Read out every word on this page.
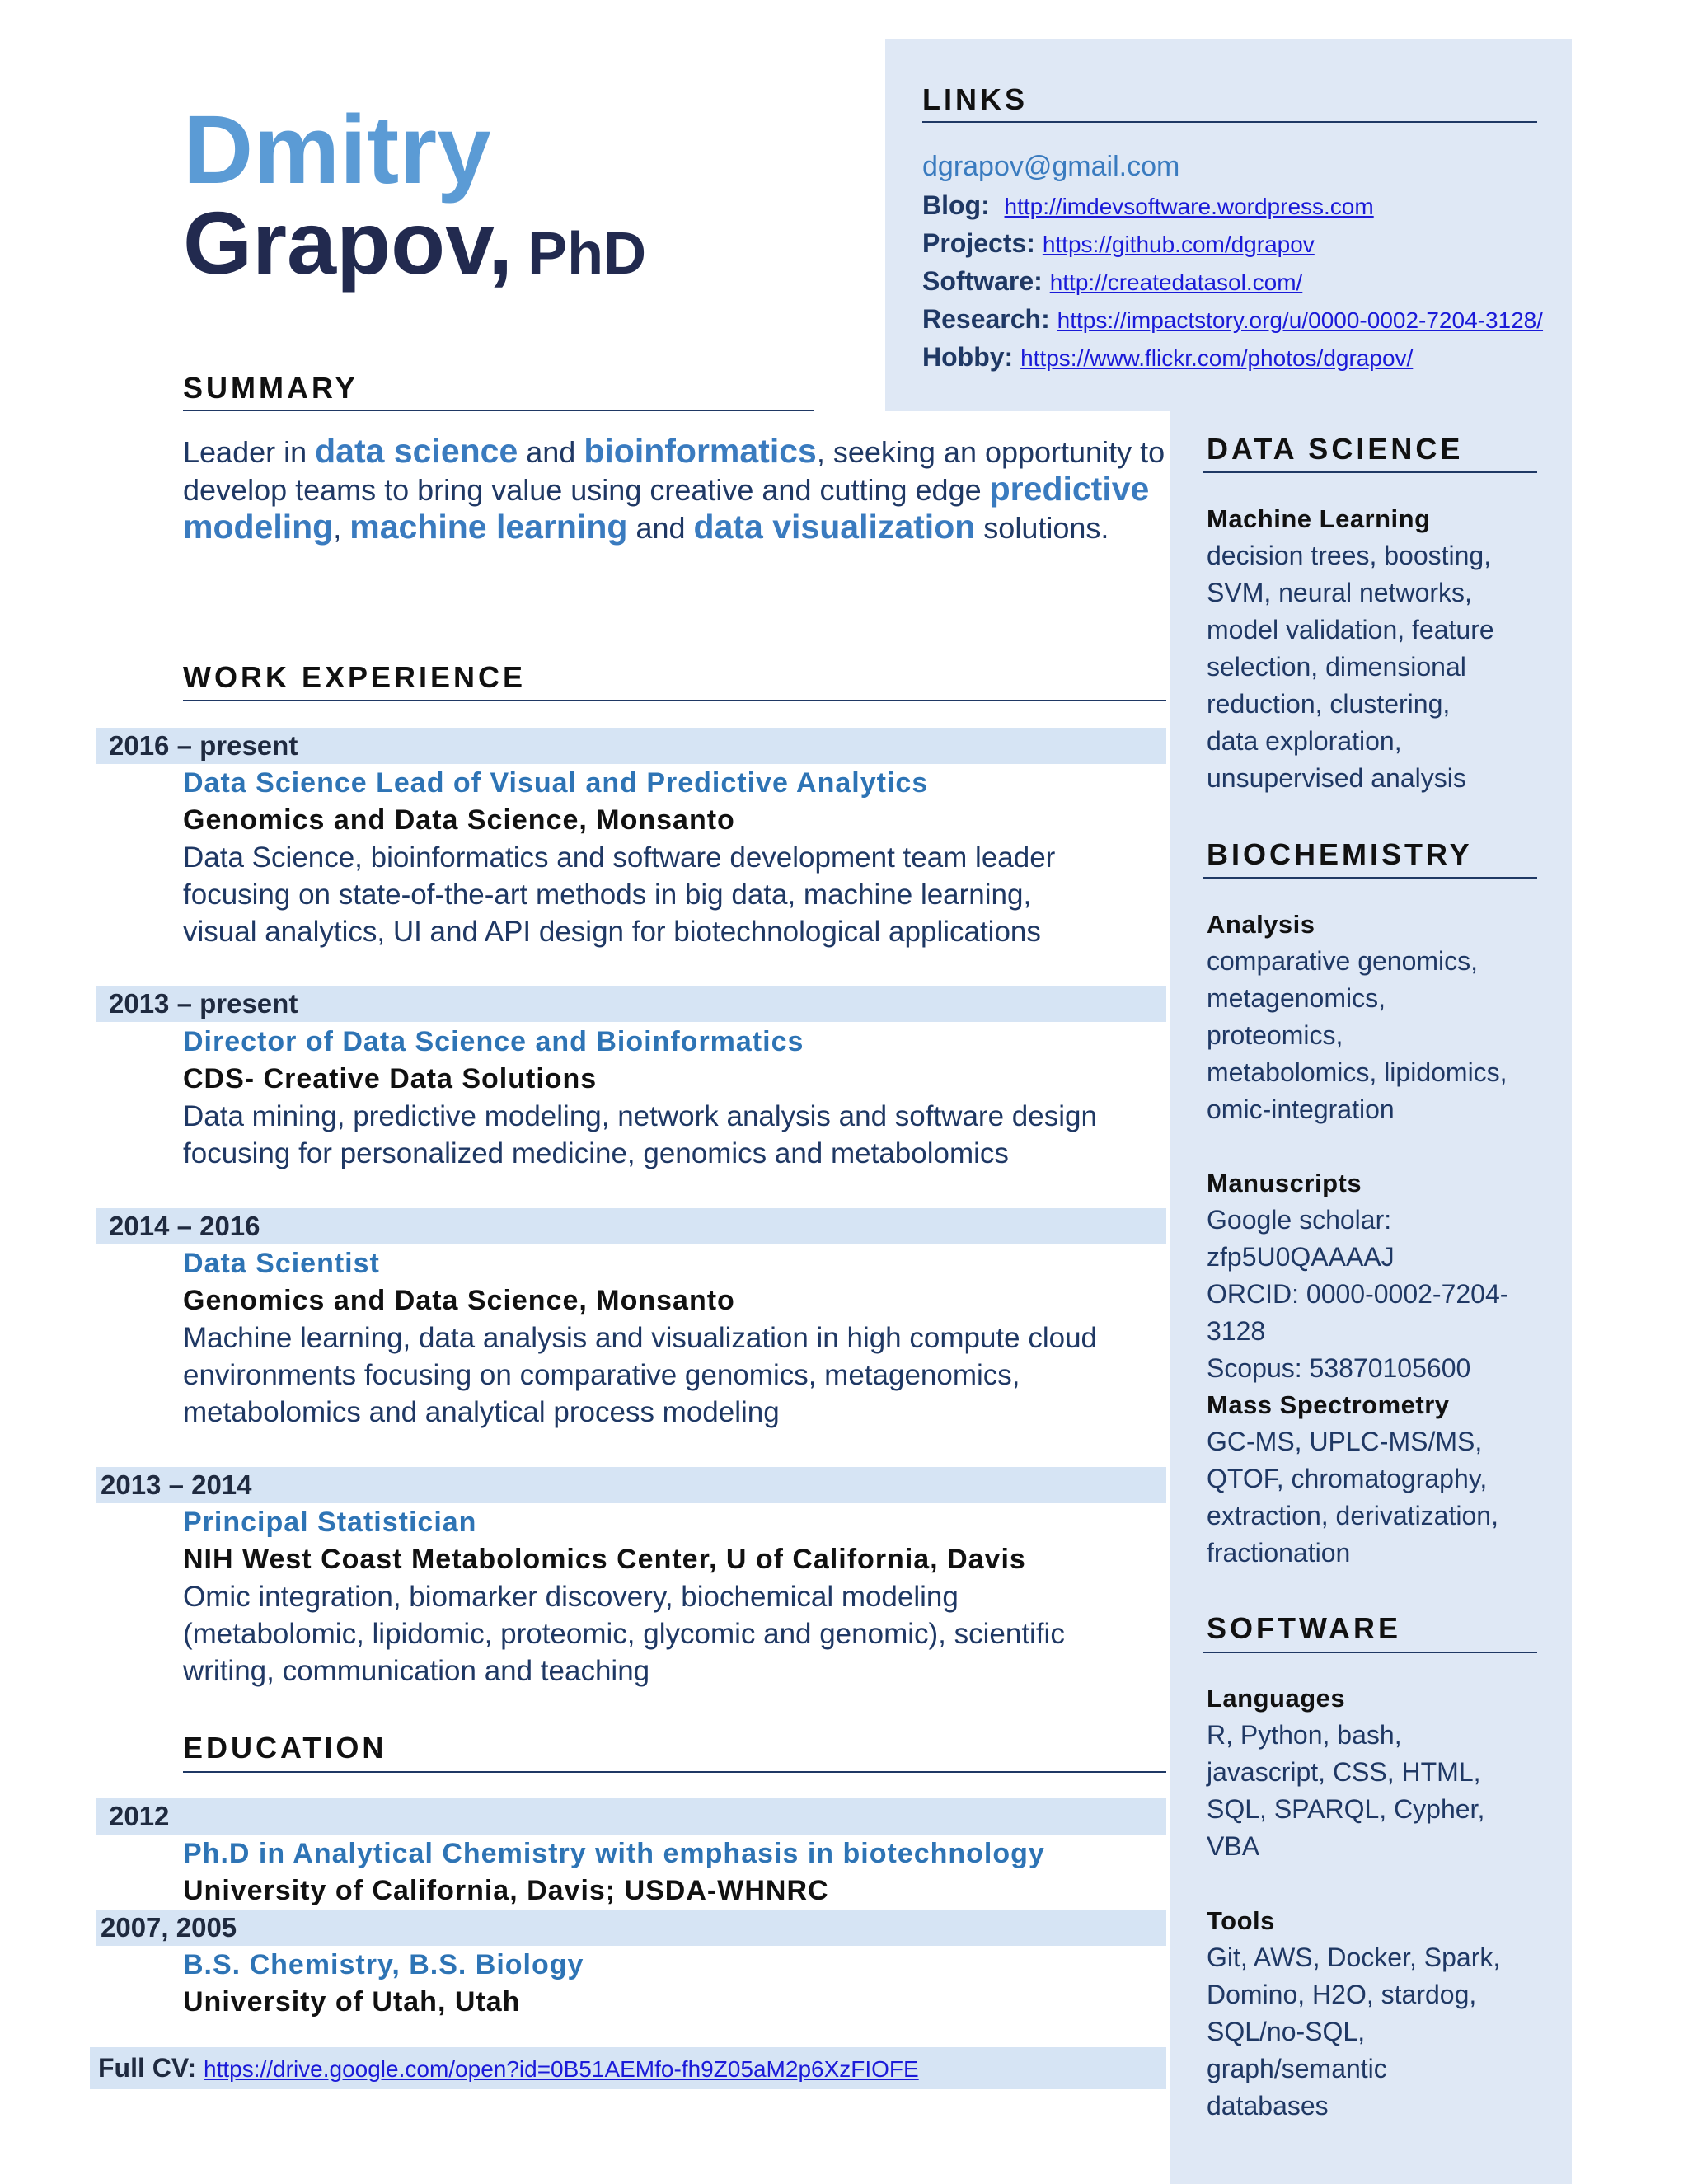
Dmitry
Grapov, PhD
LINKS
dgrapov@gmail.com
Blog: http://imdevsoftware.wordpress.com
Projects: https://github.com/dgrapov
Software: http://createdatasol.com/
Research: https://impactstory.org/u/0000-0002-7204-3128/
Hobby: https://www.flickr.com/photos/dgrapov/
SUMMARY
Leader in data science and bioinformatics, seeking an opportunity to develop teams to bring value using creative and cutting edge predictive modeling, machine learning and data visualization solutions.
WORK EXPERIENCE
2016 – present
Data Science Lead of Visual and Predictive Analytics
Genomics and Data Science, Monsanto
Data Science, bioinformatics and software development team leader
focusing on state-of-the-art methods in big data, machine learning,
visual analytics, UI and API design for biotechnological applications
2013 – present
Director of Data Science and Bioinformatics
CDS- Creative Data Solutions
Data mining, predictive modeling, network analysis and software design
focusing for personalized medicine, genomics and metabolomics
2014 – 2016
Data Scientist
Genomics and Data Science, Monsanto
Machine learning, data analysis and visualization in high compute cloud
environments focusing on comparative genomics, metagenomics,
metabolomics and analytical process modeling
2013 – 2014
Principal Statistician
NIH West Coast Metabolomics Center, U of California, Davis
Omic integration, biomarker discovery, biochemical modeling
(metabolomic, lipidomic, proteomic, glycomic and genomic), scientific
writing, communication and teaching
EDUCATION
2012
Ph.D in Analytical Chemistry with emphasis in biotechnology
University of California, Davis; USDA-WHNRC
2007, 2005
B.S. Chemistry, B.S. Biology
University of Utah, Utah
Full CV: https://drive.google.com/open?id=0B51AEMfo-fh9Z05aM2p6XzFIOFE
DATA SCIENCE
Machine Learning
decision trees, boosting,
SVM, neural networks,
model validation, feature
selection, dimensional
reduction, clustering,
data exploration,
unsupervised analysis
BIOCHEMISTRY
Analysis
comparative genomics,
metagenomics,
proteomics,
metabolomics, lipidomics,
omic-integration
Manuscripts
Google scholar:
zfp5U0QAAAAJ
ORCID: 0000-0002-7204-3128
Scopus: 53870105600
Mass Spectrometry
GC-MS, UPLC-MS/MS,
QTOF, chromatography,
extraction, derivatization,
fractionation
SOFTWARE
Languages
R, Python, bash,
javascript, CSS, HTML,
SQL, SPARQL, Cypher,
VBA
Tools
Git, AWS, Docker, Spark,
Domino, H2O, stardog,
SQL/no-SQL,
graph/semantic
databases
